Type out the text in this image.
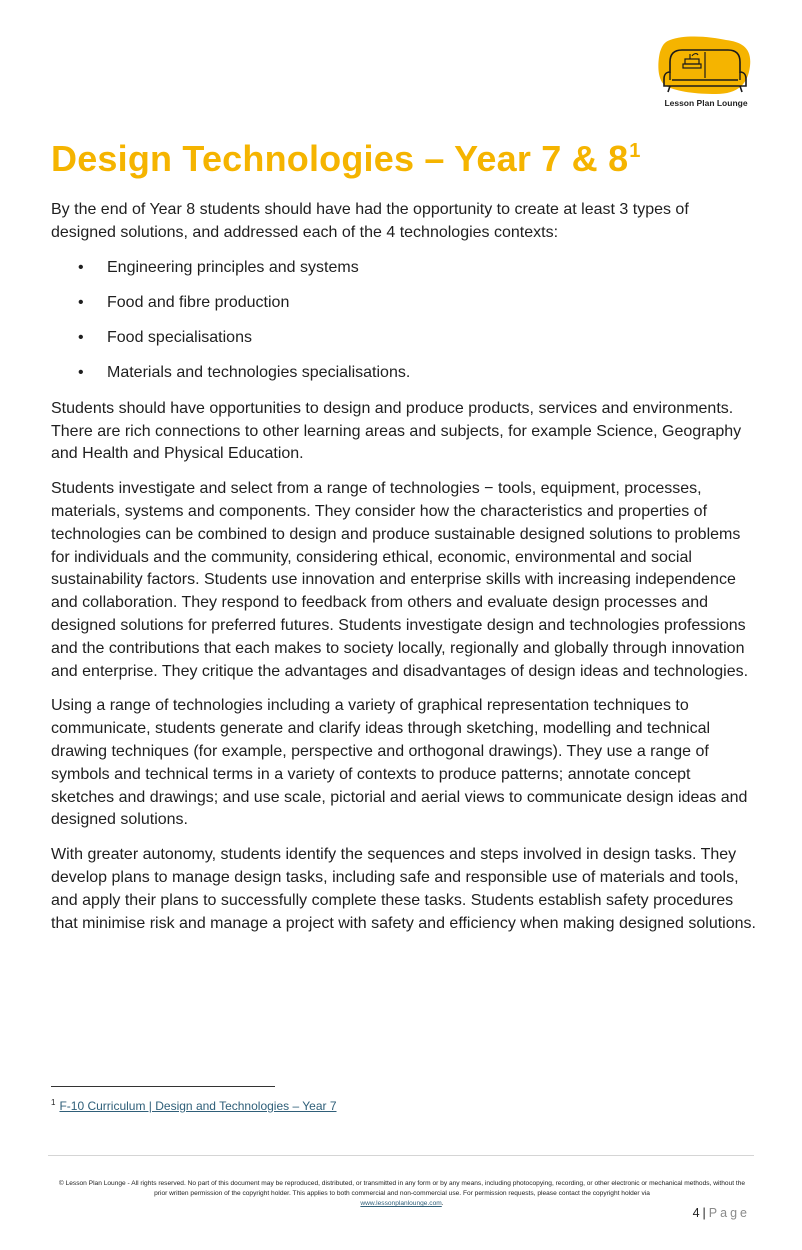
Lesson Plan Lounge
Design Technologies – Year 7 & $8^1$

By the end of Year 8 students should have had the opportunity to create at least 3 types of designed solutions, and addressed each of the 4 technologies contexts:

• Engineering principles and systems
• Food and fibre production
• Food specialisations
• Materials and technologies specialisations.

Students should have opportunities to design and produce products, services and environments. There are rich connections to other learning areas and subjects, for example Science, Geography and Health and Physical Education.

Students investigate and select from a range of technologies − tools, equipment, processes, materials, systems and components. They consider how the characteristics and properties of technologies can be combined to design and produce sustainable designed solutions to problems for individuals and the community, considering ethical, economic, environmental and social sustainability factors. Students use innovation and enterprise skills with increasing independence and collaboration. They respond to feedback from others and evaluate design processes and designed solutions for preferred futures. Students investigate design and technologies professions and the contributions that each makes to society locally, regionally and globally through innovation and enterprise. They critique the advantages and disadvantages of design ideas and technologies.

Using a range of technologies including a variety of graphical representation techniques to communicate, students generate and clarify ideas through sketching, modelling and technical drawing techniques (for example, perspective and orthogonal drawings). They use a range of symbols and technical terms in a variety of contexts to produce patterns; annotate concept sketches and drawings; and use scale, pictorial and aerial views to communicate design ideas and designed solutions.

With greater autonomy, students identify the sequences and steps involved in design tasks. They develop plans to manage design tasks, including safe and responsible use of materials and tools, and apply their plans to successfully complete these tasks. Students establish safety procedures that minimise risk and manage a project with safety and efficiency when making designed solutions.

$^1$ F-10 Curriculum | Design and Technologies – Year 7
© Lesson Plan Lounge - All rights reserved. No part of this document may be reproduced, distributed, or transmitted in any form or by any means, including photocopying, recording, or other electronic or mechanical methods, without the prior written permission of the copyright holder. This applies to both commercial and non-commercial use. For permission requests, please contact the copyright holder via
www.lessonplanlounge.com.
4 | Page
